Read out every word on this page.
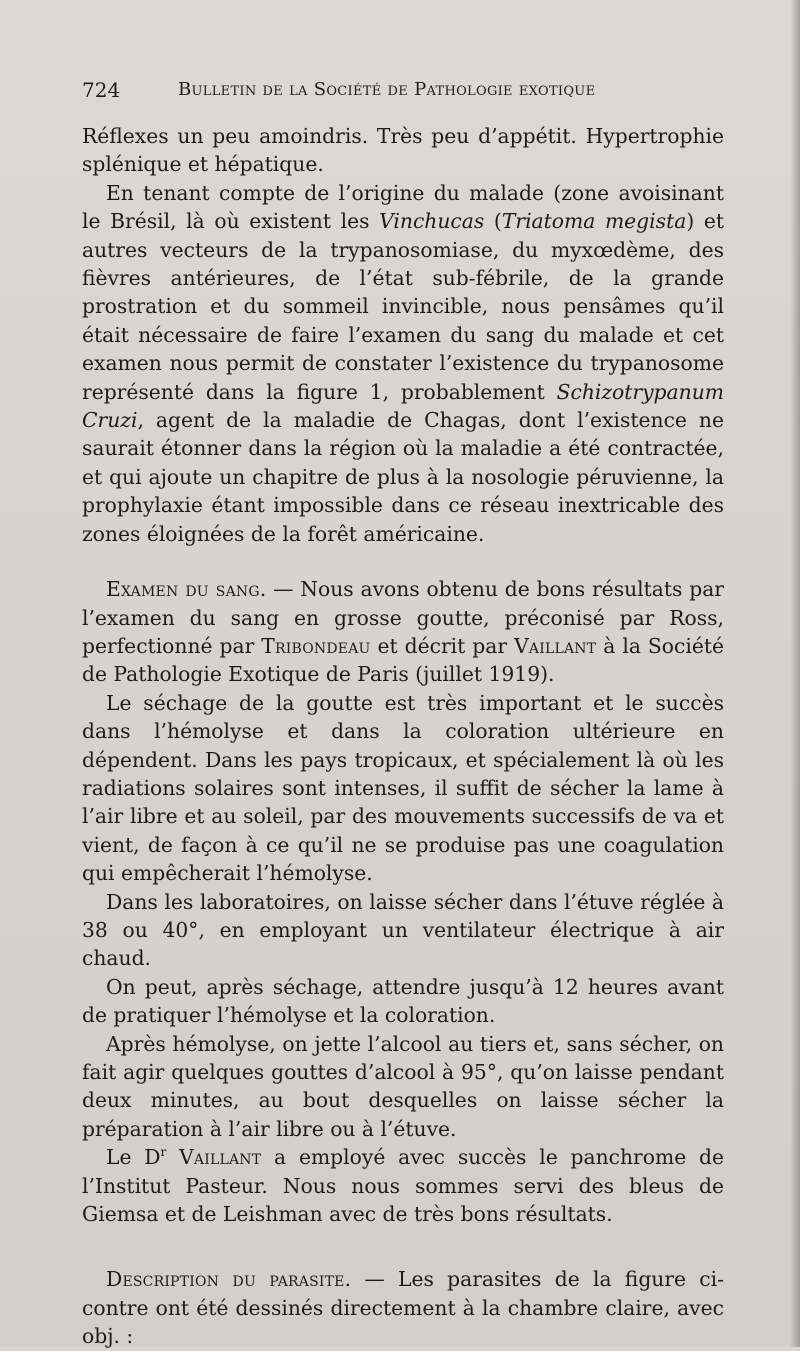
724	Bulletin de la Société de Pathologie exotique

Réflexes un peu amoindris. Très peu d’appétit. Hypertrophie splénique et hépatique.

En tenant compte de l’origine du malade (zone avoisinant le Brésil, là où existent les Vinchucas (Triatoma megista) et autres vecteurs de la trypanosomiase, du myxœdème, des fièvres antérieures, de l’état sub-fébrile, de la grande prostration et du sommeil invincible, nous pensâmes qu’il était nécessaire de faire l’examen du sang du malade et cet examen nous permit de constater l’existence du trypanosome représenté dans la figure 1, probablement Schizotrypanum Cruzi, agent de la maladie de Chagas, dont l’existence ne saurait étonner dans la région où la maladie a été contractée, et qui ajoute un chapitre de plus à la nosologie péruvienne, la prophylaxie étant impossible dans ce réseau inextricable des zones éloignées de la forêt américaine.

Examen du sang. — Nous avons obtenu de bons résultats par l’examen du sang en grosse goutte, préconisé par Ross, perfectionné par Tribondeau et décrit par Vaillant à la Société de Pathologie Exotique de Paris (juillet 1919).

Le séchage de la goutte est très important et le succès dans l’hémolyse et dans la coloration ultérieure en dépendent. Dans les pays tropicaux, et spécialement là où les radiations solaires sont intenses, il suffit de sécher la lame à l’air libre et au soleil, par des mouvements successifs de va et vient, de façon à ce qu’il ne se produise pas une coagulation qui empêcherait l’hémolyse.

Dans les laboratoires, on laisse sécher dans l’étuve réglée à 38 ou 40°, en employant un ventilateur électrique à air chaud.

On peut, après séchage, attendre jusqu’à 12 heures avant de pratiquer l’hémolyse et la coloration.

Après hémolyse, on jette l’alcool au tiers et, sans sécher, on fait agir quelques gouttes d’alcool à 95°, qu’on laisse pendant deux minutes, au bout desquelles on laisse sécher la préparation à l’air libre ou à l’étuve.

Le $D^r$ Vaillant a employé avec succès le panchrome de l’Institut Pasteur. Nous nous sommes servi des bleus de Giemsa et de Leishman avec de très bons résultats.

Description du parasite. — Les parasites de la figure ci-contre ont été dessinés directement à la chambre claire, avec obj. :
